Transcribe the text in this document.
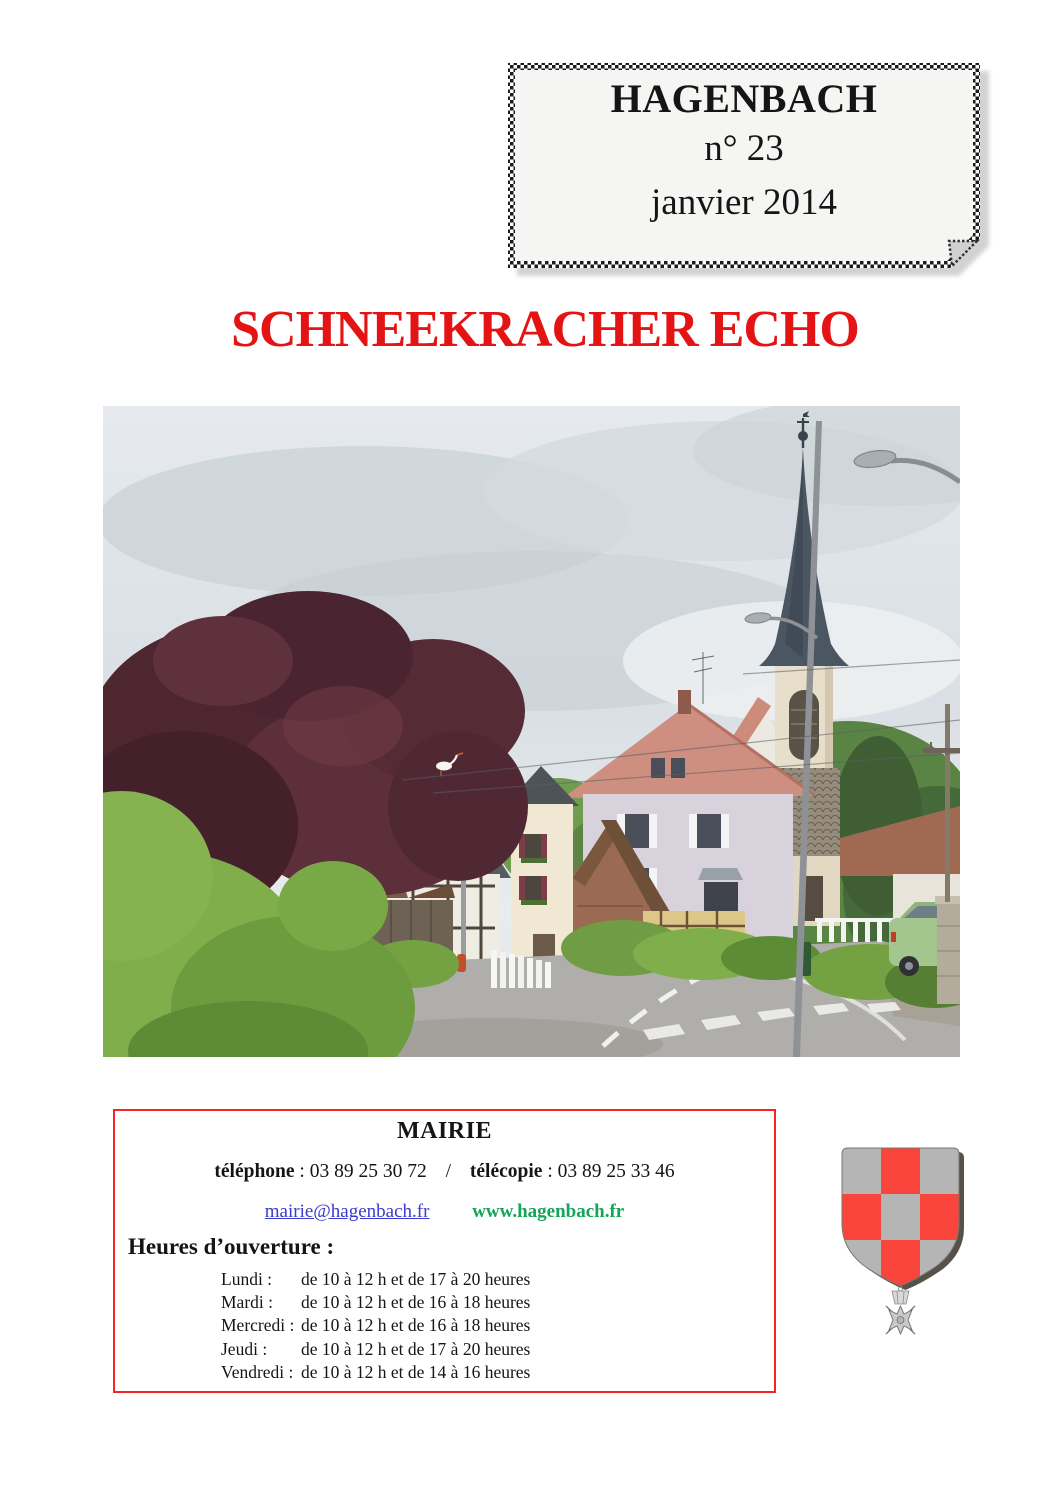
HAGENBACH
n° 23
janvier 2014
SCHNEEKRACHER ECHO
MAIRIE
téléphone : 03 89 25 30 72 / télécopie : 03 89 25 33 46
mairie@hagenbach.fr www.hagenbach.fr
Heures d’ouverture :
Lundi :	de 10 à 12 h et de 17 à 20 heures
Mardi :	de 10 à 12 h et de 16 à 18 heures
Mercredi : de 10 à 12 h et de 16 à 18 heures
Jeudi :	de 10 à 12 h et de 17 à 20 heures
Vendredi : de 10 à 12 h et de 14 à 16 heures
